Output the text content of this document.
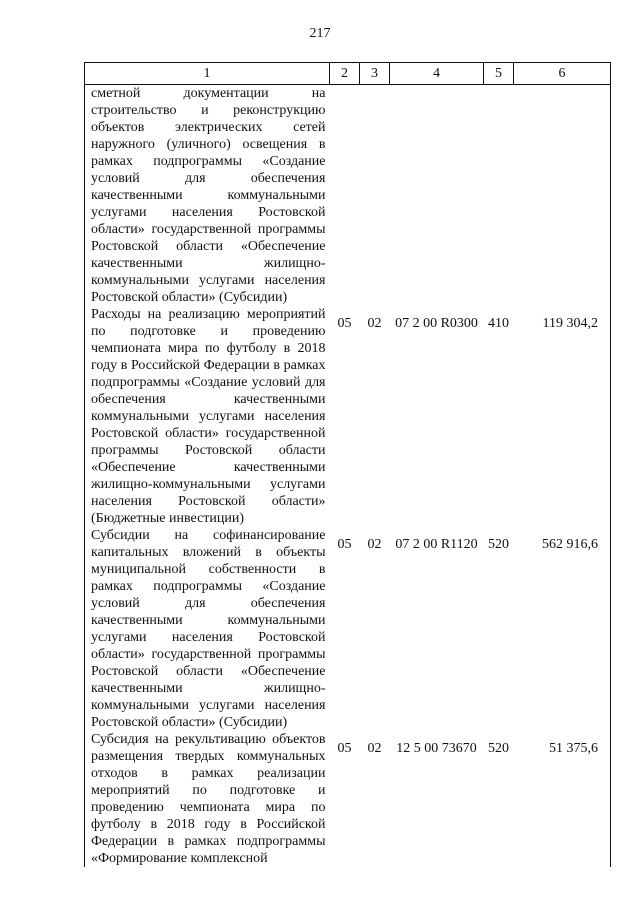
217
1	2	3	4	5	6
сметной документации на строительство и реконструкцию объектов электрических сетей наружного (уличного) освещения в рамках подпрограммы «Создание условий для обеспечения качественными коммунальными услугами населения Ростовской области» государственной программы Ростовской области «Обеспечение качественными жилищно-коммунальными услугами населения Ростовской области» (Субсидии)					
Расходы на реализацию мероприятий по подготовке и проведению чемпионата мира по футболу в 2018 году в Российской Федерации в рамках подпрограммы «Создание условий для обеспечения качественными коммунальными услугами населения Ростовской области» государственной программы Ростовской области «Обеспечение качественными жилищно-коммунальными услугами населения Ростовской области» (Бюджетные инвестиции)	05	02	07 2 00 R0300	410	119 304,2
Субсидии на софинансирование капитальных вложений в объекты муниципальной собственности в рамках подпрограммы «Создание условий для обеспечения качественными коммунальными услугами населения Ростовской области» государственной программы Ростовской области «Обеспечение качественными жилищно-коммунальными услугами населения Ростовской области» (Субсидии)	05	02	07 2 00 R1120	520	562 916,6
Субсидия на рекультивацию объектов размещения твердых коммунальных отходов в рамках реализации мероприятий по подготовке и проведению чемпионата мира по футболу в 2018 году в Российской Федерации в рамках подпрограммы «Формирование комплексной	05	02	12 5 00 73670	520	51 375,6
